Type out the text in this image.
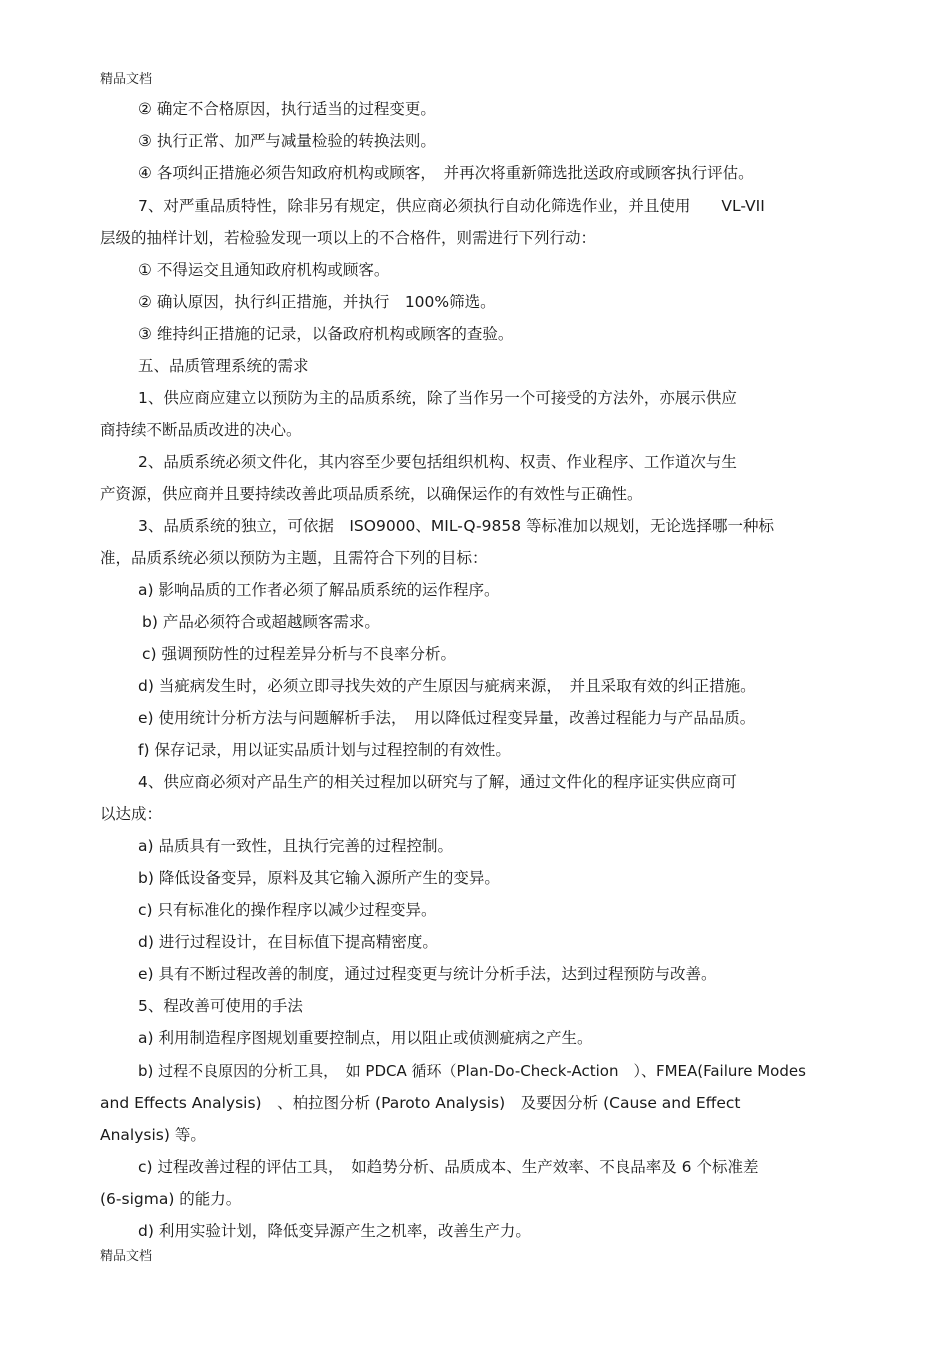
精品文档
② 确定不合格原因，执行适当的过程变更。
③ 执行正常、加严与减量检验的转换法则。
④ 各项纠正措施必须告知政府机构或顾客，　并再次将重新筛选批送政府或顾客执行评估。
7、对严重品质特性，除非另有规定，供应商必须执行自动化筛选作业，并且使用　　VL-VII
层级的抽样计划，若检验发现一项以上的不合格件，则需进行下列行动：
① 不得运交且通知政府机构或顾客。
② 确认原因，执行纠正措施，并执行　100%筛选。
③ 维持纠正措施的记录，以备政府机构或顾客的查验。
五、品质管理系统的需求
1、供应商应建立以预防为主的品质系统，除了当作另一个可接受的方法外，亦展示供应
商持续不断品质改进的决心。
2、品质系统必须文件化，其内容至少要包括组织机构、权责、作业程序、工作道次与生
产资源，供应商并且要持续改善此项品质系统，以确保运作的有效性与正确性。
3、品质系统的独立，可依据　ISO9000、MIL-Q-9858 等标准加以规划，无论选择哪一种标
准，品质系统必须以预防为主题，且需符合下列的目标：
a) 影响品质的工作者必须了解品质系统的运作程序。
b) 产品必须符合或超越顾客需求。
c) 强调预防性的过程差异分析与不良率分析。
d) 当疵病发生时，必须立即寻找失效的产生原因与疵病来源，　并且采取有效的纠正措施。
e) 使用统计分析方法与问题解析手法，　用以降低过程变异量，改善过程能力与产品品质。
f) 保存记录，用以证实品质计划与过程控制的有效性。
4、供应商必须对产品生产的相关过程加以研究与了解，通过文件化的程序证实供应商可
以达成：
a) 品质具有一致性，且执行完善的过程控制。
b) 降低设备变异，原料及其它输入源所产生的变异。
c) 只有标准化的操作程序以减少过程变异。
d) 进行过程设计，在目标值下提高精密度。
e) 具有不断过程改善的制度，通过过程变更与统计分析手法，达到过程预防与改善。
5、程改善可使用的手法
a) 利用制造程序图规划重要控制点，用以阻止或侦测疵病之产生。
b) 过程不良原因的分析工具，　如 PDCA 循环（Plan-Do-Check-Action　）、FMEA(Failure Modes
and Effects Analysis)　、柏拉图分析 (Paroto Analysis)　及要因分析 (Cause and Effect
Analysis) 等。
c) 过程改善过程的评估工具，　如趋势分析、品质成本、生产效率、不良品率及 6 个标准差
(6-sigma) 的能力。
d) 利用实验计划，降低变异源产生之机率，改善生产力。
精品文档
